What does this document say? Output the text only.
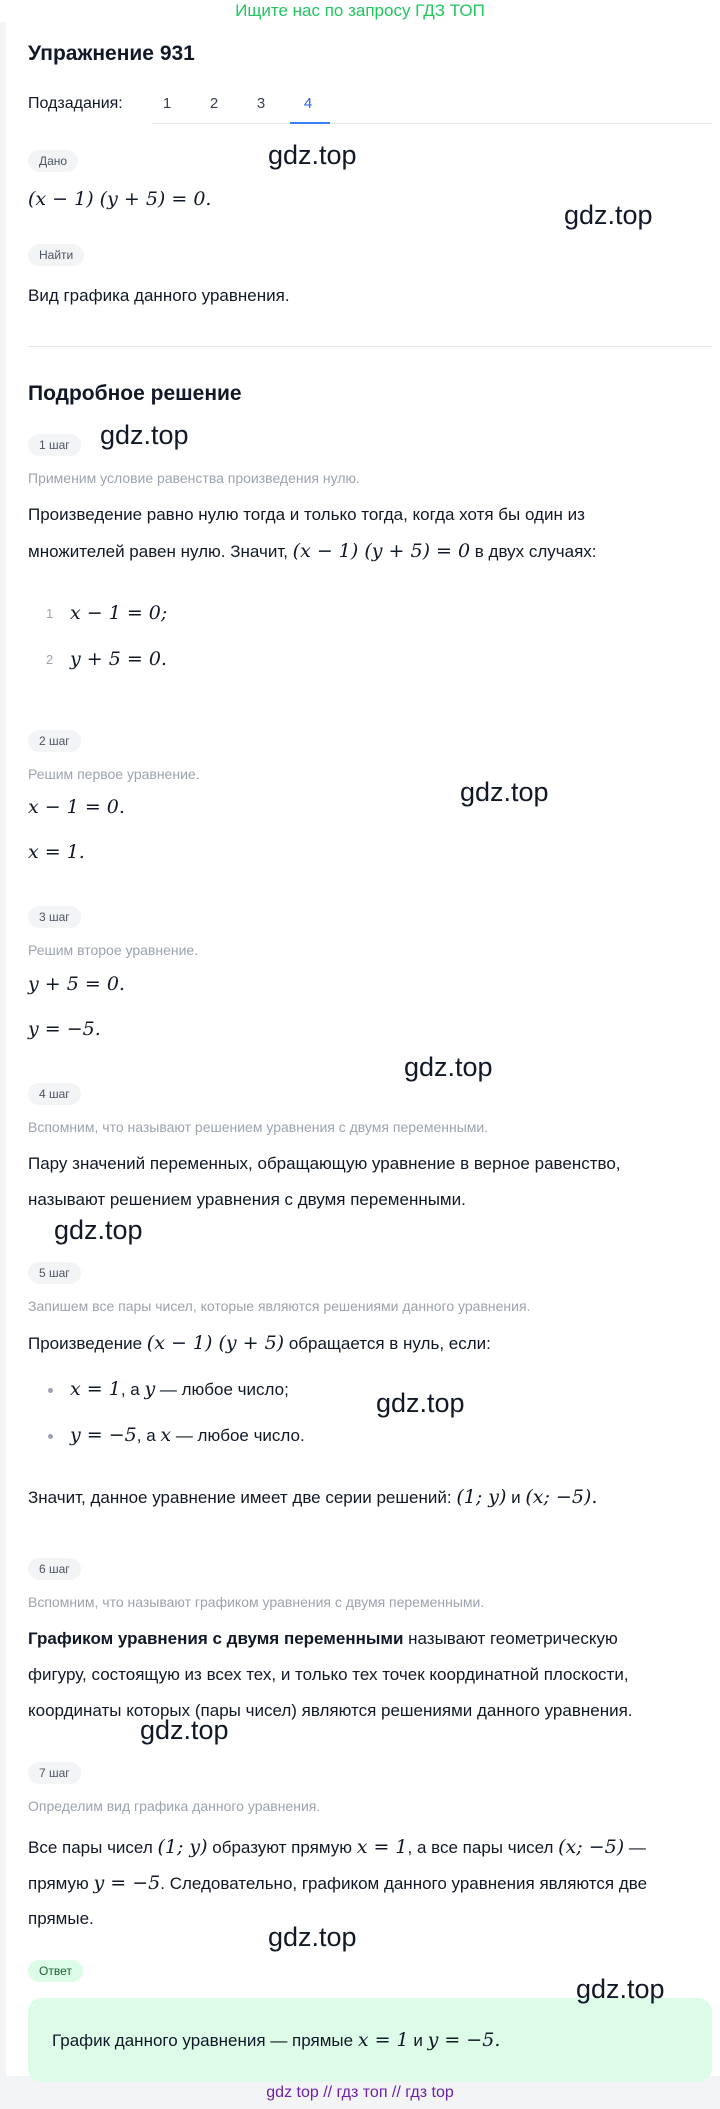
Ищите нас по запросу ГДЗ ТОП
Упражнение 931
Подзадания:	1	2	3	4
Дано
(x − 1) (y + 5) = 0.
Найти
Вид графика данного уравнения.
Подробное решение
1 шаг
Применим условие равенства произведения нулю.
Произведение равно нулю тогда и только тогда, когда хотя бы один из
множителей равен нулю. Значит, (x − 1) (y + 5) = 0 в двух случаях:
1 x − 1 = 0;
2 y + 5 = 0.
2 шаг
Решим первое уравнение.
x − 1 = 0.
x = 1.
3 шаг
Решим второе уравнение.
y + 5 = 0.
y = −5.
4 шаг
Вспомним, что называют решением уравнения с двумя переменными.
Пару значений переменных, обращающую уравнение в верное равенство,
называют решением уравнения с двумя переменными.
5 шаг
Запишем все пары чисел, которые являются решениями данного уравнения.
Произведение (x − 1) (y + 5) обращается в нуль, если:
x = 1, а y — любое число;
y = −5, а x — любое число.
Значит, данное уравнение имеет две серии решений: (1; y) и (x; −5).
6 шаг
Вспомним, что называют графиком уравнения с двумя переменными.
Графиком уравнения с двумя переменными называют геометрическую
фигуру, состоящую из всех тех, и только тех точек координатной плоскости,
координаты которых (пары чисел) являются решениями данного уравнения.
7 шаг
Определим вид графика данного уравнения.
Все пары чисел (1; y) образуют прямую x = 1, а все пары чисел (x; −5) —
прямую y = −5. Следовательно, графиком данного уравнения являются две
прямые.
Ответ
График данного уравнения — прямые x = 1 и y = −5.
gdz.top
gdz.top
gdz.top
gdz.top
gdz.top
gdz.top
gdz.top
gdz.top
gdz.top
gdz.top
gdz top // гдз топ // гдз top
